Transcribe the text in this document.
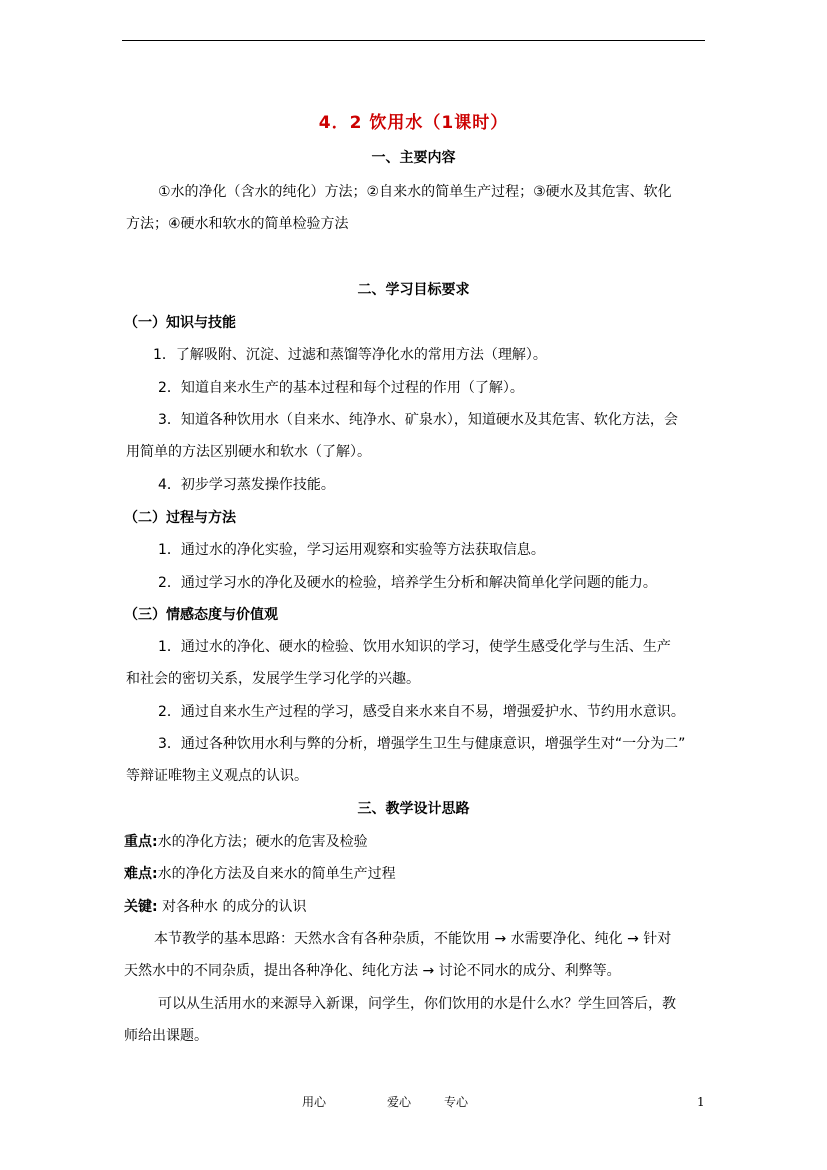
4．2 饮用水（1课时）
一、主要内容
①水的净化（含水的纯化）方法；②自来水的简单生产过程；③硬水及其危害、软化
方法；④硬水和软水的简单检验方法
二、学习目标要求
（一）知识与技能
1．了解吸附、沉淀、过滤和蒸馏等净化水的常用方法（理解）。
2．知道自来水生产的基本过程和每个过程的作用（了解）。
3．知道各种饮用水（自来水、纯净水、矿泉水），知道硬水及其危害、软化方法，会
用简单的方法区别硬水和软水（了解）。
4．初步学习蒸发操作技能。
（二）过程与方法
1．通过水的净化实验，学习运用观察和实验等方法获取信息。
2．通过学习水的净化及硬水的检验，培养学生分析和解决简单化学问题的能力。
（三）情感态度与价值观
1．通过水的净化、硬水的检验、饮用水知识的学习，使学生感受化学与生活、生产
和社会的密切关系，发展学生学习化学的兴趣。
2．通过自来水生产过程的学习，感受自来水来自不易，增强爱护水、节约用水意识。
3．通过各种饮用水利与弊的分析，增强学生卫生与健康意识，增强学生对“一分为二”
等辩证唯物主义观点的认识。
三、教学设计思路
重点:水的净化方法；硬水的危害及检验
难点:水的净化方法及自来水的简单生产过程
关键: 对各种水 的成分的认识
本节教学的基本思路：天然水含有各种杂质，不能饮用 → 水需要净化、纯化 → 针对
天然水中的不同杂质，提出各种净化、纯化方法 → 讨论不同水的成分、利弊等。
可以从生活用水的来源导入新课，问学生，你们饮用的水是什么水？学生回答后，教
师给出课题。
用心	爱心	专心	1
